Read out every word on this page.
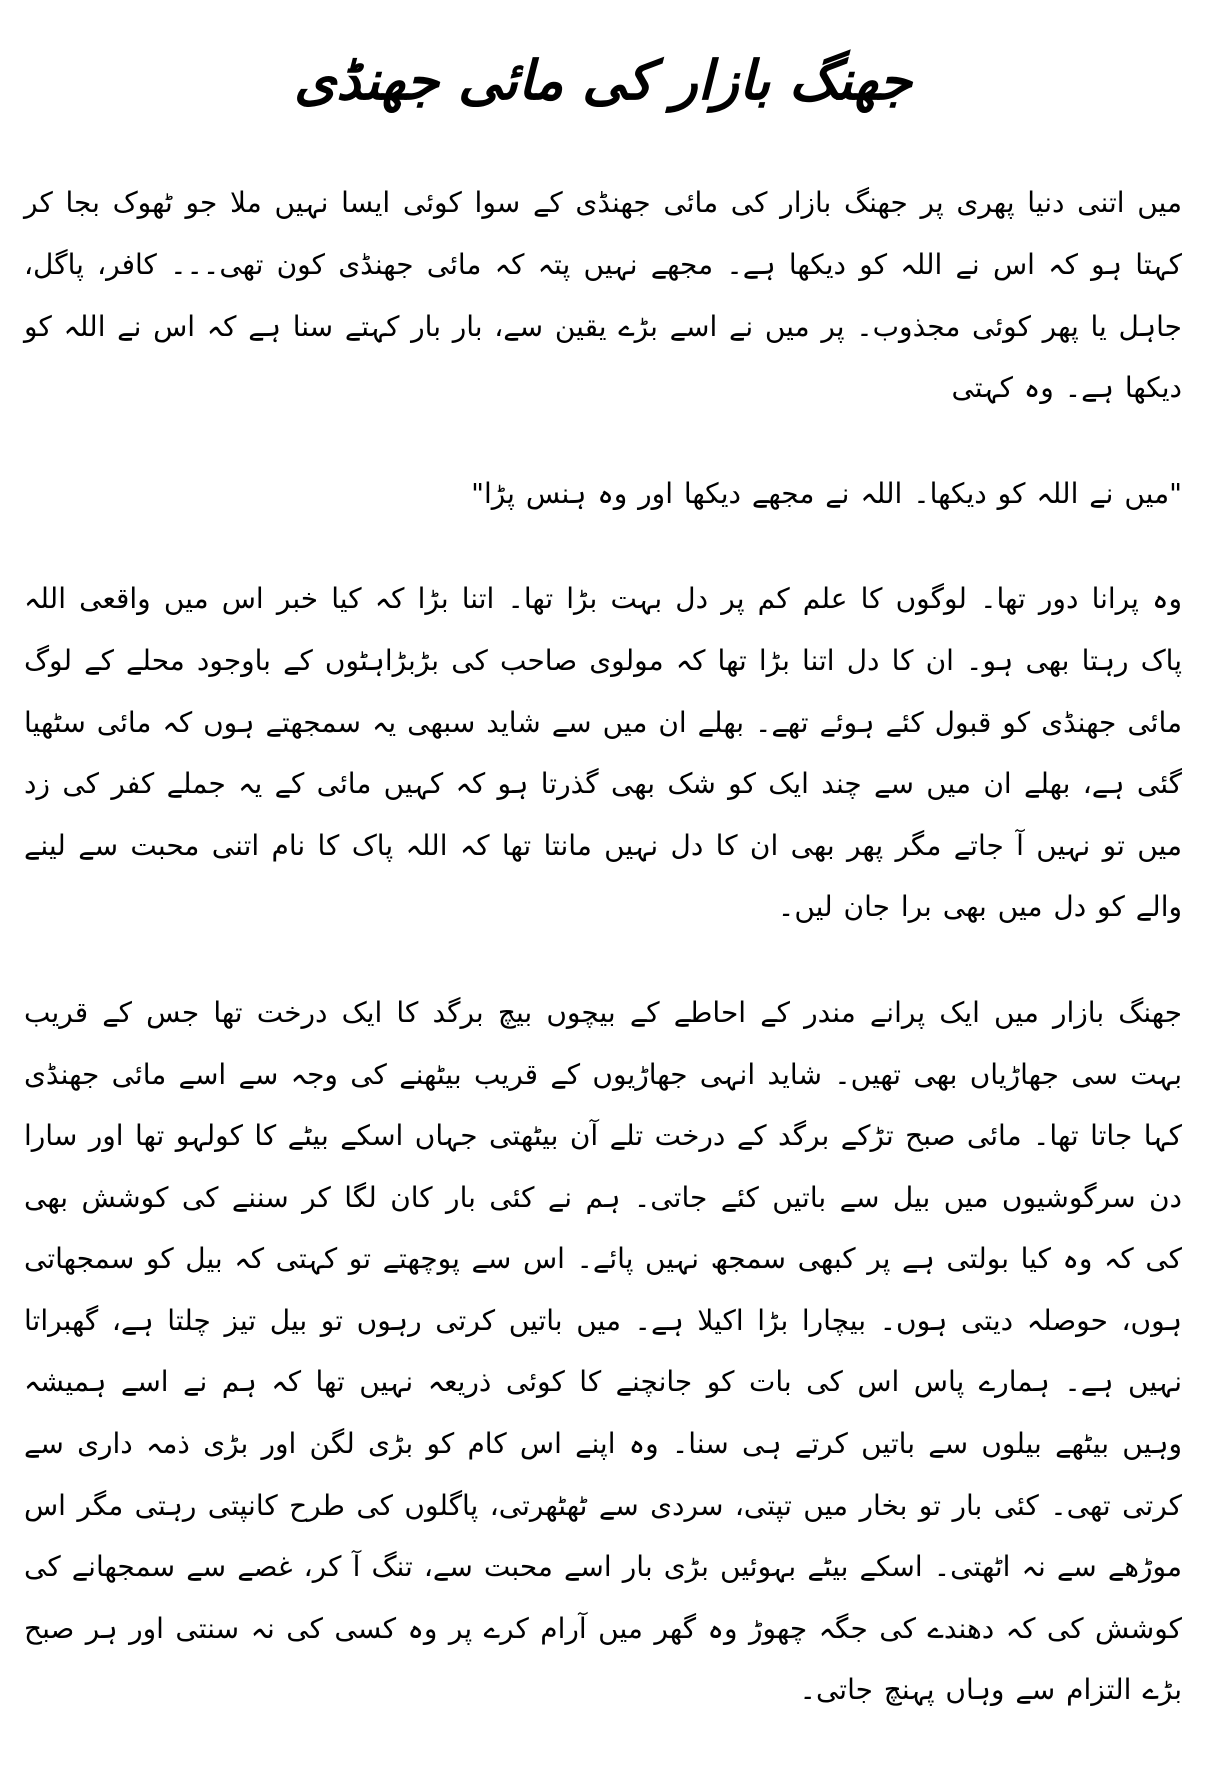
جھنگ بازار کی مائی جھنڈی

میں اتنی دنیا پھری پر جھنگ بازار کی مائی جھنڈی کے سوا کوئی ایسا نہیں ملا جو ٹھوک بجا کر کہتا ہو کہ اس نے اللہ کو دیکھا ہے۔ مجھے نہیں پتہ کہ مائی جھنڈی کون تھی۔۔۔ کافر، پاگل، جاہل یا پھر کوئی مجذوب۔ پر میں نے اسے بڑے یقین سے، بار بار کہتے سنا ہے کہ اس نے اللہ کو دیکھا ہے۔ وہ کہتی

"میں نے اللہ کو دیکھا۔ اللہ نے مجھے دیکھا اور وہ ہنس پڑا"

وہ پرانا دور تھا۔ لوگوں کا علم کم پر دل بہت بڑا تھا۔ اتنا بڑا کہ کیا خبر اس میں واقعی اللہ پاک رہتا بھی ہو۔ ان کا دل اتنا بڑا تھا کہ مولوی صاحب کی بڑبڑاہٹوں کے باوجود محلے کے لوگ مائی جھنڈی کو قبول کئے ہوئے تھے۔ بھلے ان میں سے شاید سبھی یہ سمجھتے ہوں کہ مائی سٹھیا گئی ہے، بھلے ان میں سے چند ایک کو شک بھی گذرتا ہو کہ کہیں مائی کے یہ جملے کفر کی زد میں تو نہیں آ جاتے مگر پھر بھی ان کا دل نہیں مانتا تھا کہ اللہ پاک کا نام اتنی محبت سے لینے والے کو دل میں بھی برا جان لیں۔

جھنگ بازار میں ایک پرانے مندر کے احاطے کے بیچوں بیچ برگد کا ایک درخت تھا جس کے قریب بہت سی جھاڑیاں بھی تھیں۔ شاید انہی جھاڑیوں کے قریب بیٹھنے کی وجہ سے اسے مائی جھنڈی کہا جاتا تھا۔ مائی صبح تڑکے برگد کے درخت تلے آن بیٹھتی جہاں اسکے بیٹے کا کولہو تھا اور سارا دن سرگوشیوں میں بیل سے باتیں کئے جاتی۔ ہم نے کئی بار کان لگا کر سننے کی کوشش بھی کی کہ وہ کیا بولتی ہے پر کبھی سمجھ نہیں پائے۔ اس سے پوچھتے تو کہتی کہ بیل کو سمجھاتی ہوں، حوصلہ دیتی ہوں۔ بیچارا بڑا اکیلا ہے۔ میں باتیں کرتی رہوں تو بیل تیز چلتا ہے، گھبراتا نہیں ہے۔ ہمارے پاس اس کی بات کو جانچنے کا کوئی ذریعہ نہیں تھا کہ ہم نے اسے ہمیشہ وہیں بیٹھے بیلوں سے باتیں کرتے ہی سنا۔ وہ اپنے اس کام کو بڑی لگن اور بڑی ذمہ داری سے کرتی تھی۔ کئی بار تو بخار میں تپتی، سردی سے ٹھٹھرتی، پاگلوں کی طرح کانپتی رہتی مگر اس موڑھے سے نہ اٹھتی۔ اسکے بیٹے بہوئیں بڑی بار اسے محبت سے، تنگ آ کر، غصے سے سمجھانے کی کوشش کی کہ دھندے کی جگہ چھوڑ وہ گھر میں آرام کرے پر وہ کسی کی نہ سنتی اور ہر صبح بڑے التزام سے وہاں پہنچ جاتی۔
